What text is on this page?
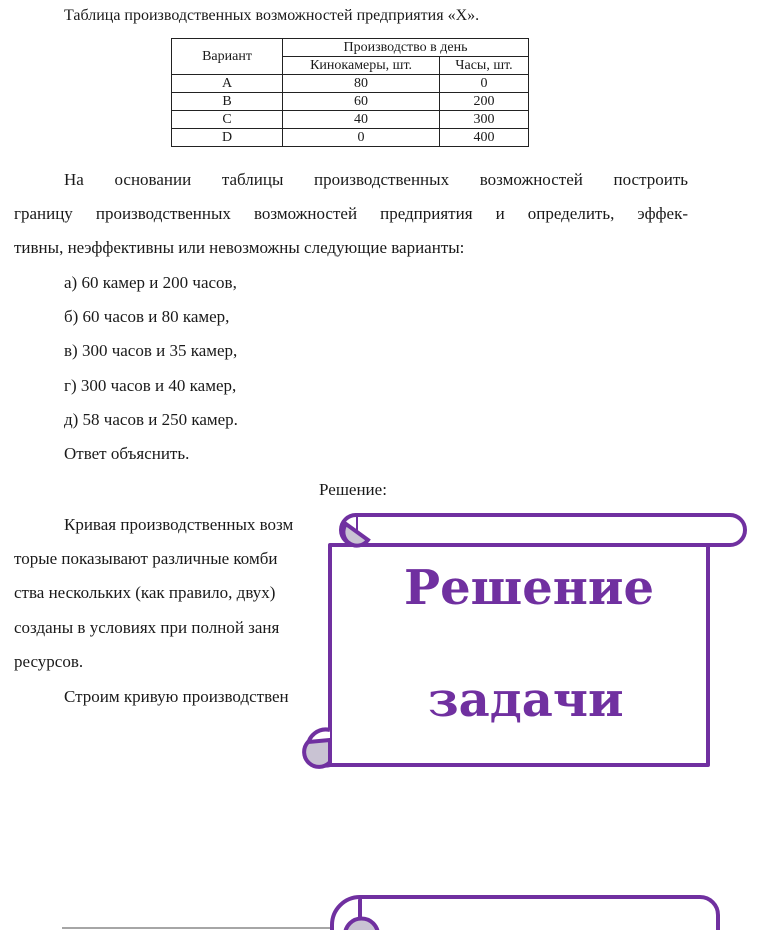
Таблица производственных возможностей предприятия «X».
Вариант	Производство в день	
	Кинокамеры, шт.	Часы, шт.
A	80	0
B	60	200
C	40	300
D	0	400
На основании таблицы производственных возможностей построить
границу производственных возможностей предприятия и определить, эффек-
тивны, неэффективны или невозможны следующие варианты:
а) 60 камер и 200 часов,
б) 60 часов и 80 камер,
в) 300 часов и 35 камер,
г) 300 часов и 40 камер,
д) 58 часов и 250 камер.
Ответ объяснить.
Решение:
Кривая производственных возм
торые показывают различные комби
ства нескольких (как правило, двух)
созданы в условиях при полной заня
ресурсов.
Строим кривую производствен
Решение
задачи
